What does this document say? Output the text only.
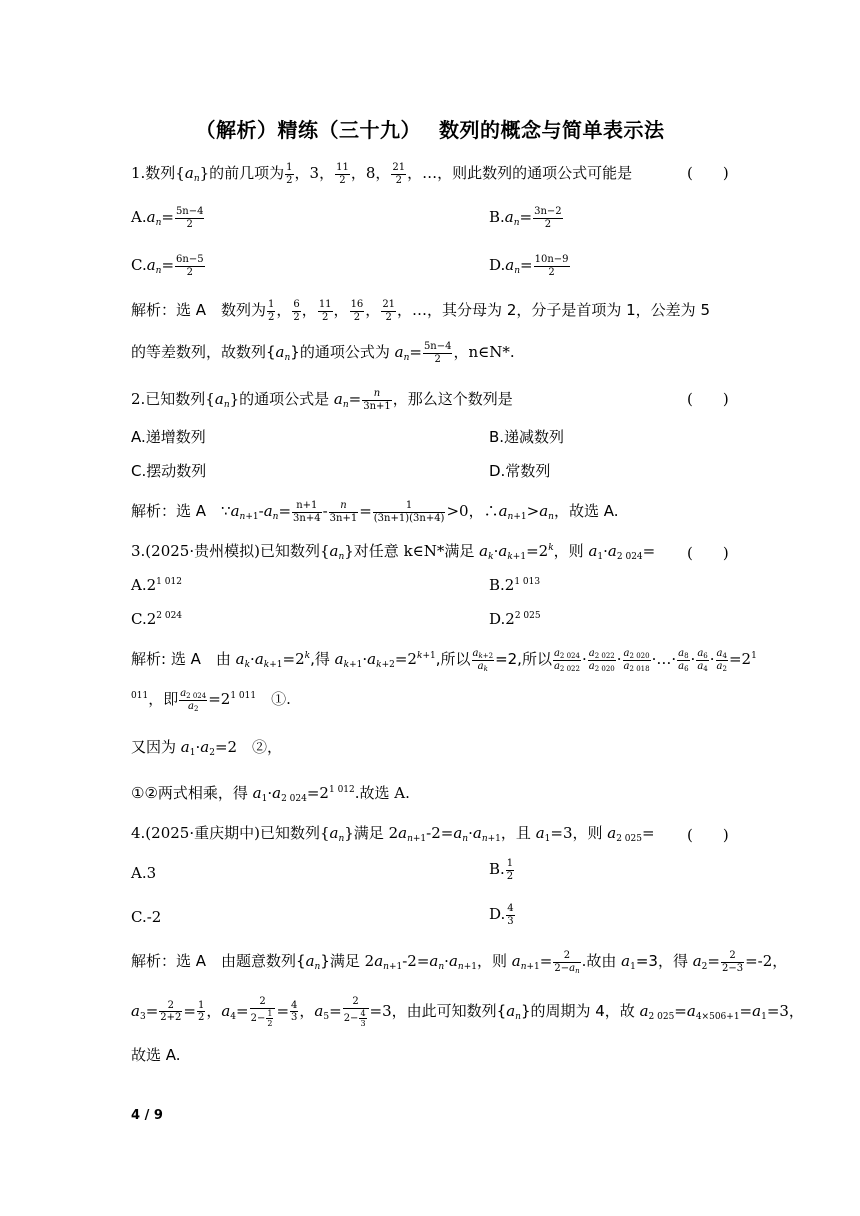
（解析）精练（三十九）　 数列的概念与简单表示法
1.数列$\{a_n\}$的前几项为 $\frac{1}{2}$ ，3， $\frac{11}{2}$ ，8， $\frac{21}{2}$ ，…，则此数列的通项公式可能是	(　　)
$A.a_n= \frac{5n-4}{2}$	$B.a_n= \frac{3n-2}{2}$
$C.a_n= \frac{6n-5}{2}$	$D.a_n= \frac{10n-9}{2}$
解析：选 A　数列为 $\frac{1}{2}$ ， $\frac{6}{2}$ ， $\frac{11}{2}$ ， $\frac{16}{2}$ ， $\frac{21}{2}$ ，…，其分母为 2，分子是首项为 1，公差为 5
的等差数列，故数列$\{a_n\}$的通项公式为 $a_n= \frac{5n-4}{2}$ ，n∈N*.
2.已知数列$\{a_n\}$的通项公式是 $a_n= \frac{n}{3n+1}$ ，那么这个数列是	(　　)
A.递增数列	B.递减数列
C.摆动数列	D.常数列
解析：选 A　$\because a_{n+1}-a_n= \frac{n+1}{3n+4} - \frac{n}{3n+1} = \frac{1}{(3n+1)(3n+4)} >0$，$\therefore a_{n+1}>a_n$，故选 A.
3.(2025·贵州模拟)已知数列$\{a_n\}$对任意 k∈N*满足 $a_k\cdot a_{k+1}=2^k$，则 $a_1\cdot a_{2 024}=$ (　　)
$A.2^{1 012}$	$B.2^{1 013}$
$C.2^{2 024}$	$D.2^{2 025}$
解析: 选 A　由 $a_k\cdot a_{k+1}=2^k$,得 $a_{k+1}\cdot a_{k+2}=2^{k+1}$,所以 $\frac{a_{k+2}}{a_k} =2$,所以 $\frac{a_{2 024}}{a_{2 022}} \cdot \frac{a_{2 022}}{a_{2 020}} \cdot \frac{a_{2 020}}{a_{2 018}}$ ·…· $\frac{a_8}{a_6} \cdot \frac{a_6}{a_4} \cdot \frac{a_4}{a_2} =2^1$
$^{011}$，即 $\frac{a_{2 024}}{a_2} =2^{1 011}$　 ①.
又因为 $a_1\cdot a_2=2$　②，
①②两式相乘，得 $a_1\cdot a_{2 024}=2^{1 012}$.故选 A.
4.(2025·重庆期中)已知数列$\{a_n\}$满足 $2a_{n+1}-2=a_n\cdot a_{n+1}$，且 $a_1=3$，则 $a_{2 025}=$ (　　)
A.3	B. $\frac{1}{2}$
C.-2	D. $\frac{4}{3}$
解析：选 A　由题意数列$\{a_n\}$满足 $2a_{n+1}-2=a_n\cdot a_{n+1}$，则 $a_{n+1}= \frac{2}{2-a_n}$ .故由 $a_1=3$，得 $a_2= \frac{2}{2-3} =-2$，
$a_3= \frac{2}{2+2} = \frac{1}{2}$ ，$a_4= \frac{2}{2- \frac{1}{2}} = \frac{4}{3}$ ，$a_5= \frac{2}{2- \frac{4}{3}} =3$，由此可知数列$\{a_n\}$的周期为 4，故 $a_{2 025}=a_{4\times 506+1}=a_1=3$，
故选 A.
4 / 9
